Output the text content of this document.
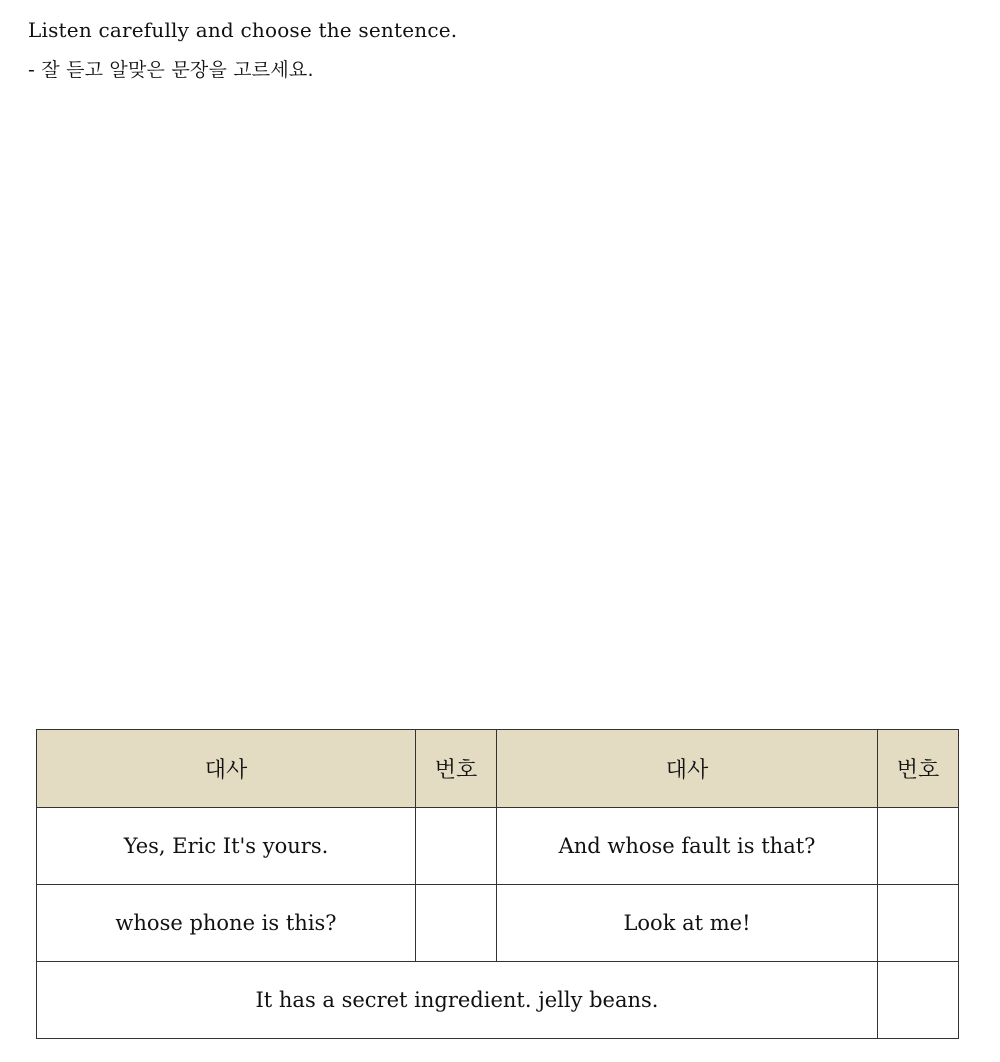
Listen carefully and choose the sentence.
- 잘 듣고 알맞은 문장을 고르세요.
대사	번호	대사	번호
Yes, Eric It's yours.		And whose fault is that?	
whose phone is this?		Look at me!	
It has a secret ingredient. jelly beans.			
